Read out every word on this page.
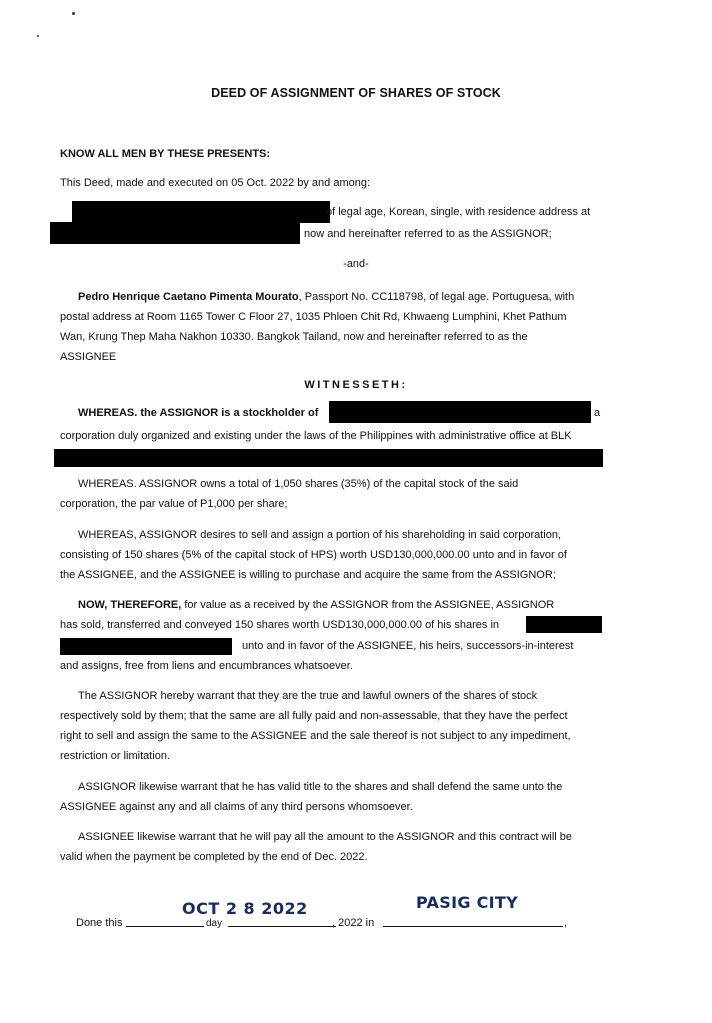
DEED OF ASSIGNMENT OF SHARES OF STOCK
KNOW ALL MEN BY THESE PRESENTS:
This Deed, made and executed on 05 Oct. 2022 by and among:
of legal age, Korean, single, with residence address at
now and hereinafter referred to as the ASSIGNOR;
-and-
Pedro Henrique Caetano Pimenta Mourato, Passport No. CC118798, of legal age. Portuguesa, with
postal address at Room 1165 Tower C Floor 27, 1035 Phloen Chit Rd, Khwaeng Lumphini, Khet Pathum
Wan, Krung Thep Maha Nakhon 10330. Bangkok Tailand, now and hereinafter referred to as the
ASSIGNEE
WITNESSETH:
WHEREAS. the ASSIGNOR is a stockholder of	a
corporation duly organized and existing under the laws of the Philippines with administrative office at BLK
WHEREAS. ASSIGNOR owns a total of 1,050 shares (35%) of the capital stock of the said
corporation, the par value of P1,000 per share;
WHEREAS, ASSIGNOR desires to sell and assign a portion of his shareholding in said corporation,
consisting of 150 shares (5% of the capital stock of HPS) worth USD130,000,000.00 unto and in favor of
the ASSIGNEE, and the ASSIGNEE is willing to purchase and acquire the same from the ASSIGNOR;
NOW, THEREFORE, for value as a received by the ASSIGNOR from the ASSIGNEE, ASSIGNOR
has sold, transferred and conveyed 150 shares worth USD130,000,000.00 of his shares in
unto and in favor of the ASSIGNEE, his heirs, successors-in-interest
and assigns, free from liens and encumbrances whatsoever.
The ASSIGNOR hereby warrant that they are the true and lawful owners of the shares of stock
respectively sold by them; that the same are all fully paid and non-assessable, that they have the perfect
right to sell and assign the same to the ASSIGNEE and the sale thereof is not subject to any impediment,
restriction or limitation.
ASSIGNOR likewise warrant that he has valid title to the shares and shall defend the same unto the
ASSIGNEE against any and all claims of any third persons whomsoever.
ASSIGNEE likewise warrant that he will pay all the amount to the ASSIGNOR and this contract will be
valid when the payment be completed by the end of Dec. 2022.
Done this	day	, 2022 in	,
OCT 2 8 2022	PASIG CITY
